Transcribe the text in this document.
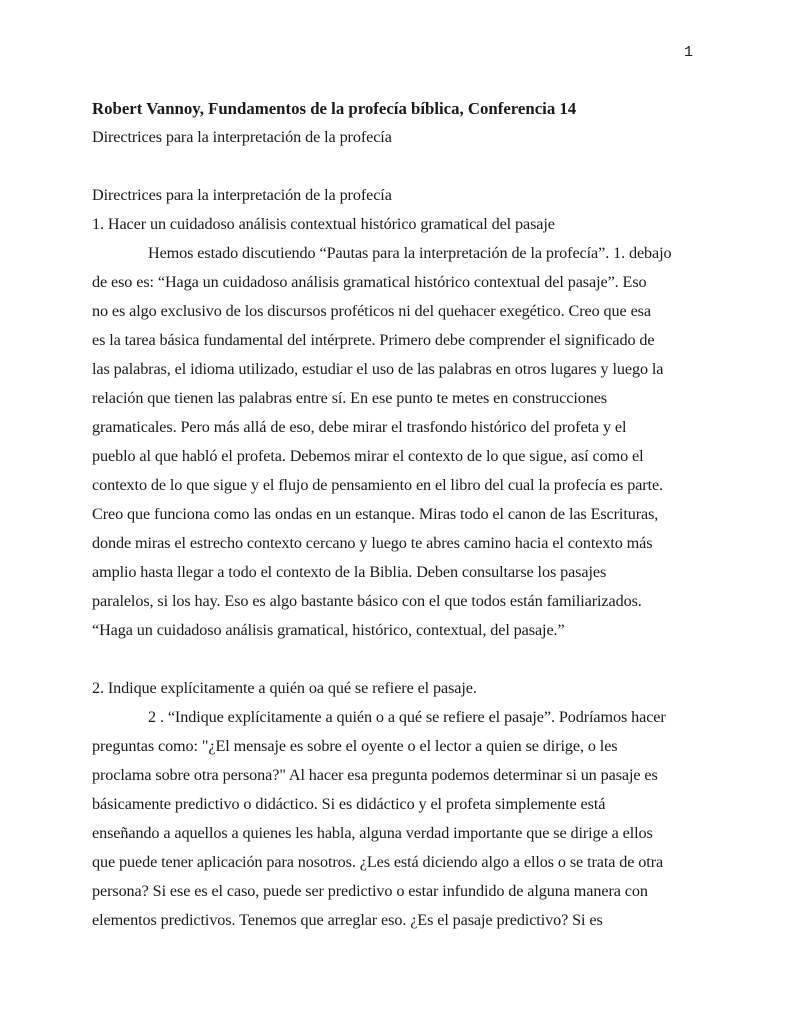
1
Robert Vannoy, Fundamentos de la profecía bíblica, Conferencia 14
Directrices para la interpretación de la profecía
Directrices para la interpretación de la profecía
1. Hacer un cuidadoso análisis contextual histórico gramatical del pasaje
Hemos estado discutiendo “Pautas para la interpretación de la profecía”. 1. debajo
de eso es: “Haga un cuidadoso análisis gramatical histórico contextual del pasaje”. Eso
no es algo exclusivo de los discursos proféticos ni del quehacer exegético. Creo que esa
es la tarea básica fundamental del intérprete. Primero debe comprender el significado de
las palabras, el idioma utilizado, estudiar el uso de las palabras en otros lugares y luego la
relación que tienen las palabras entre sí. En ese punto te metes en construcciones
gramaticales. Pero más allá de eso, debe mirar el trasfondo histórico del profeta y el
pueblo al que habló el profeta. Debemos mirar el contexto de lo que sigue, así como el
contexto de lo que sigue y el flujo de pensamiento en el libro del cual la profecía es parte.
Creo que funciona como las ondas en un estanque. Miras todo el canon de las Escrituras,
donde miras el estrecho contexto cercano y luego te abres camino hacia el contexto más
amplio hasta llegar a todo el contexto de la Biblia. Deben consultarse los pasajes
paralelos, si los hay. Eso es algo bastante básico con el que todos están familiarizados.
“Haga un cuidadoso análisis gramatical, histórico, contextual, del pasaje.”
2. Indique explícitamente a quién oa qué se refiere el pasaje.
2 . “Indique explícitamente a quién o a qué se refiere el pasaje”. Podríamos hacer
preguntas como: "¿El mensaje es sobre el oyente o el lector a quien se dirige, o les
proclama sobre otra persona?" Al hacer esa pregunta podemos determinar si un pasaje es
básicamente predictivo o didáctico. Si es didáctico y el profeta simplemente está
enseñando a aquellos a quienes les habla, alguna verdad importante que se dirige a ellos
que puede tener aplicación para nosotros. ¿Les está diciendo algo a ellos o se trata de otra
persona? Si ese es el caso, puede ser predictivo o estar infundido de alguna manera con
elementos predictivos. Tenemos que arreglar eso. ¿Es el pasaje predictivo? Si es
